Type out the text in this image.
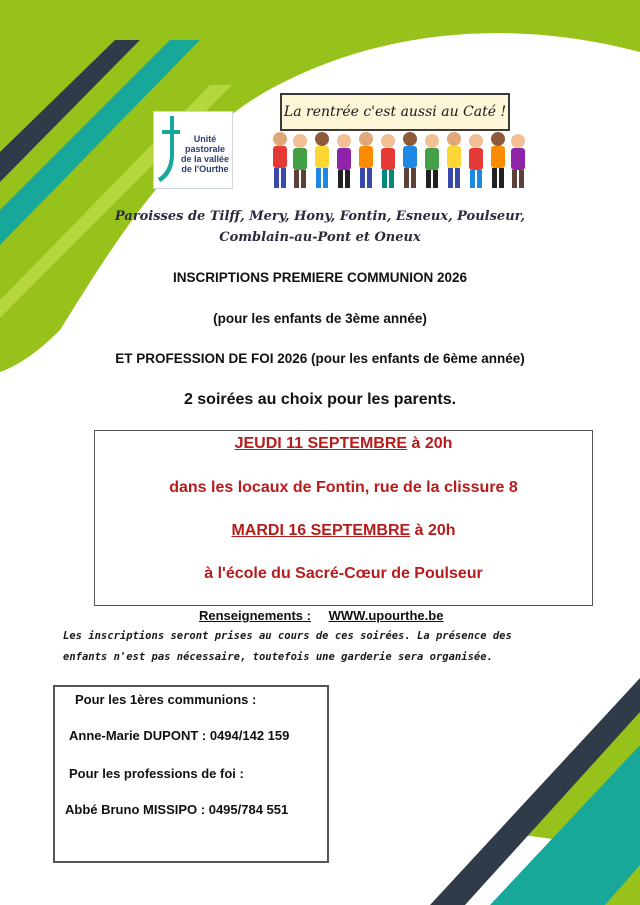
Unité pastorale de la vallée de l'Ourthe
La rentrée c'est aussi au Caté !
Paroisses de Tilff, Mery, Hony, Fontin, Esneux, Poulseur, Comblain-au-Pont et Oneux
INSCRIPTIONS PREMIERE COMMUNION 2026
(pour les enfants de 3ème année)
ET PROFESSION DE FOI 2026 (pour les enfants de 6ème année)
2 soirées au choix pour les parents.
JEUDI 11 SEPTEMBRE à 20h
dans les locaux de Fontin, rue de la clissure 8
MARDI 16 SEPTEMBRE à 20h
à l'école du Sacré-Cœur de Poulseur
Renseignements : WWW.upourthe.be
Les inscriptions seront prises au cours de ces soirées. La présence des enfants n'est pas nécessaire, toutefois une garderie sera organisée.
Pour les 1ères communions :
Anne-Marie DUPONT : 0494/142 159
Pour les professions de foi :
Abbé Bruno MISSIPO : 0495/784 551
